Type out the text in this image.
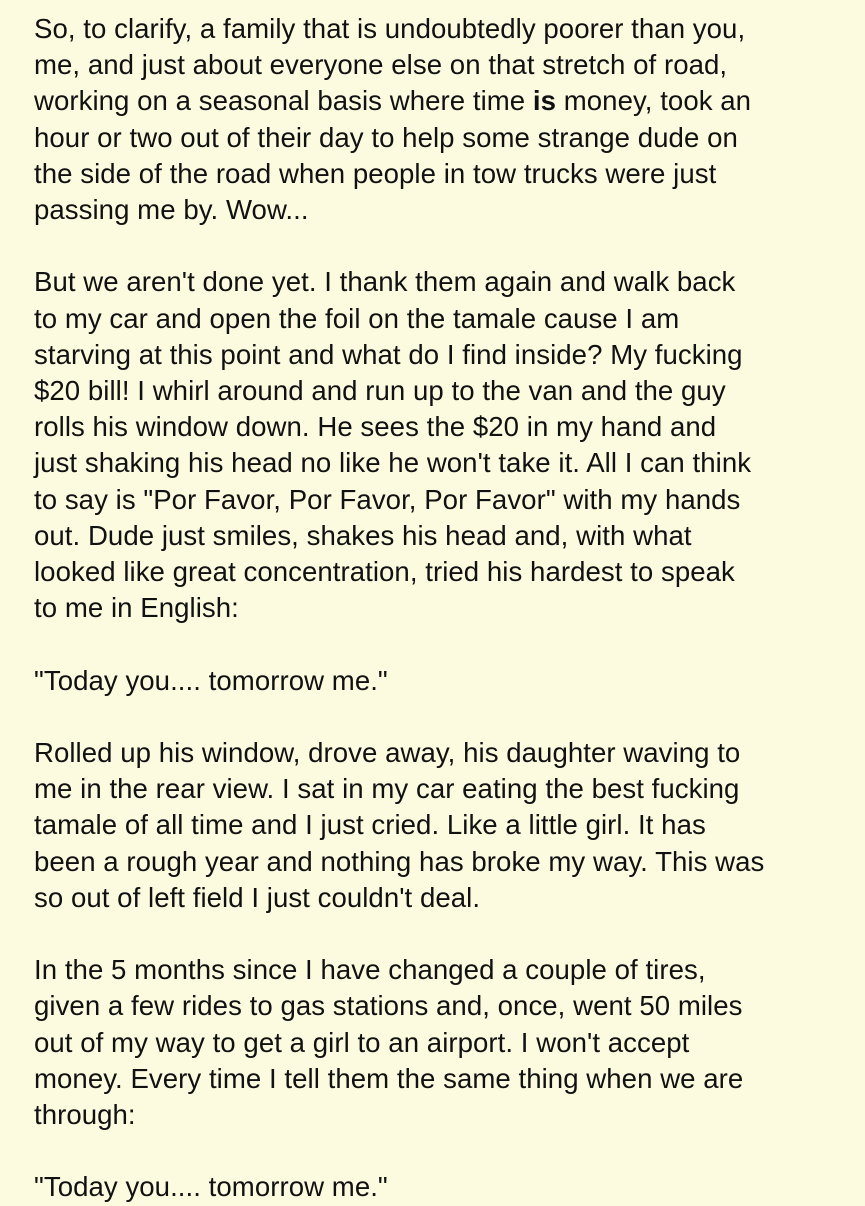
So, to clarify, a family that is undoubtedly poorer than you,
me, and just about everyone else on that stretch of road,
working on a seasonal basis where time is money, took an
hour or two out of their day to help some strange dude on
the side of the road when people in tow trucks were just
passing me by. Wow...

But we aren't done yet. I thank them again and walk back
to my car and open the foil on the tamale cause I am
starving at this point and what do I find inside? My fucking
$20 bill! I whirl around and run up to the van and the guy
rolls his window down. He sees the $20 in my hand and
just shaking his head no like he won't take it. All I can think
to say is "Por Favor, Por Favor, Por Favor" with my hands
out. Dude just smiles, shakes his head and, with what
looked like great concentration, tried his hardest to speak
to me in English:

"Today you.... tomorrow me."

Rolled up his window, drove away, his daughter waving to
me in the rear view. I sat in my car eating the best fucking
tamale of all time and I just cried. Like a little girl. It has
been a rough year and nothing has broke my way. This was
so out of left field I just couldn't deal.

In the 5 months since I have changed a couple of tires,
given a few rides to gas stations and, once, went 50 miles
out of my way to get a girl to an airport. I won't accept
money. Every time I tell them the same thing when we are
through:

"Today you.... tomorrow me."
